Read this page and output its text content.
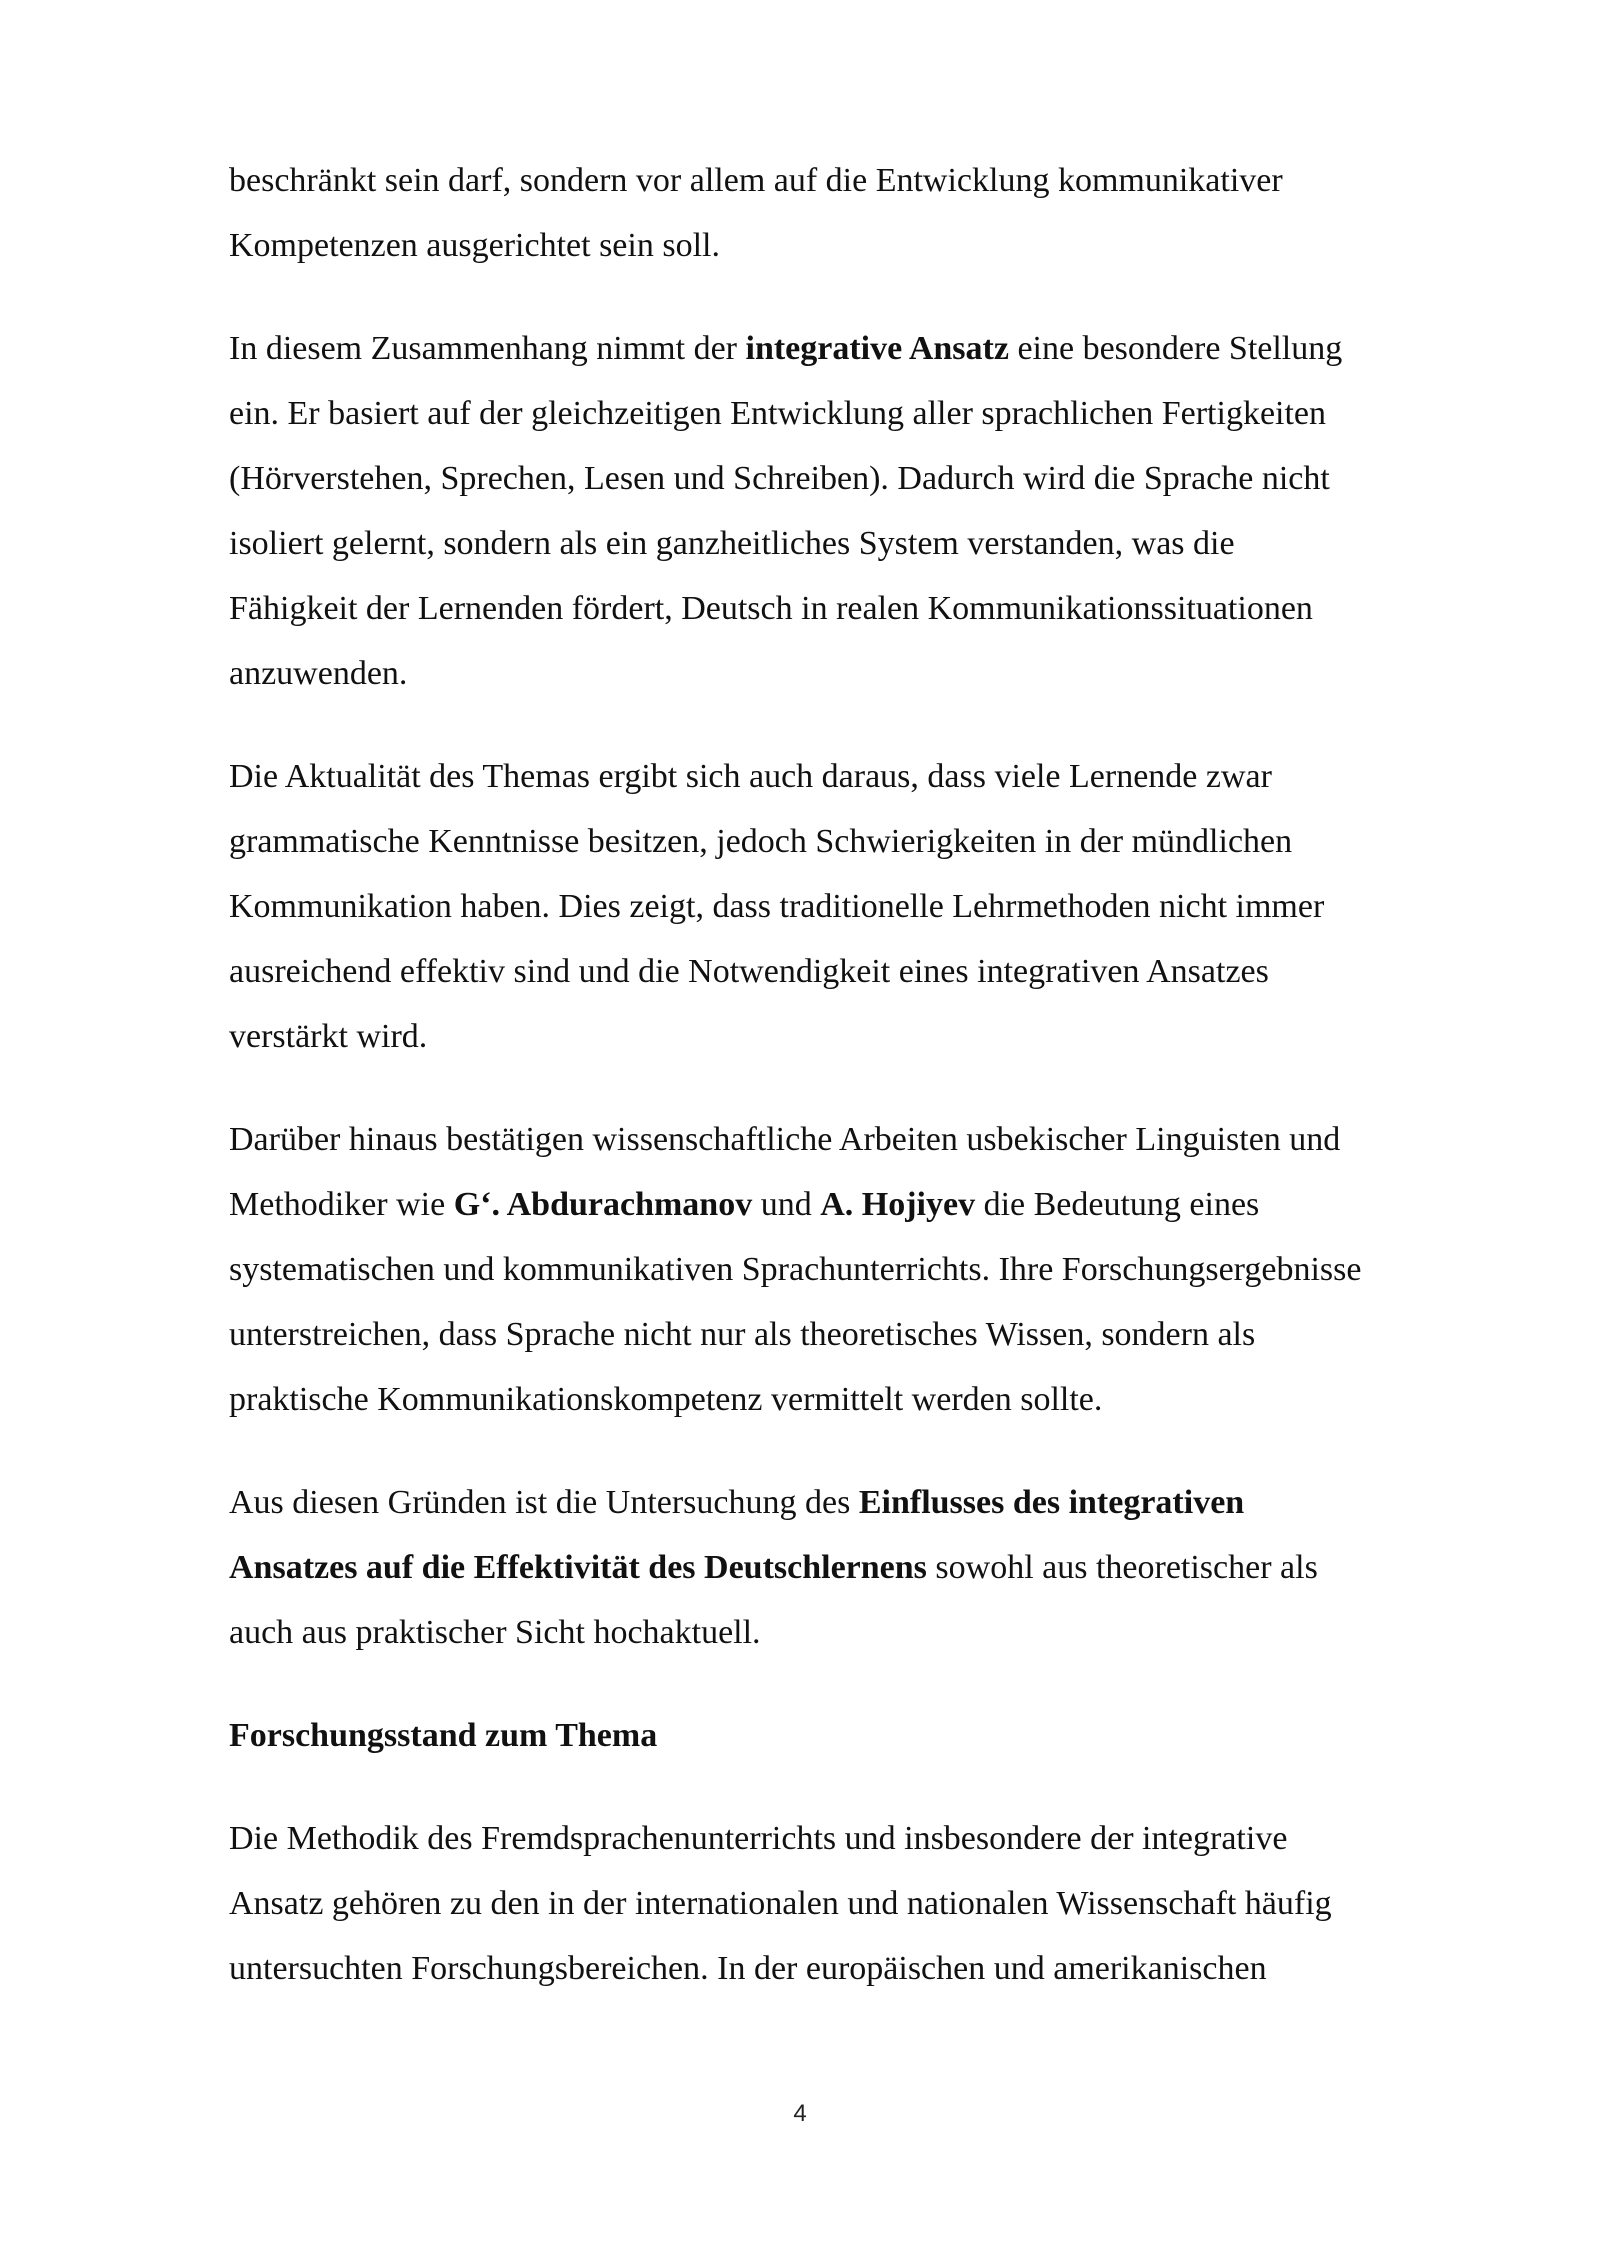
beschränkt sein darf, sondern vor allem auf die Entwicklung kommunikativer
Kompetenzen ausgerichtet sein soll.

In diesem Zusammenhang nimmt der integrative Ansatz eine besondere Stellung
ein. Er basiert auf der gleichzeitigen Entwicklung aller sprachlichen Fertigkeiten
(Hörverstehen, Sprechen, Lesen und Schreiben). Dadurch wird die Sprache nicht
isoliert gelernt, sondern als ein ganzheitliches System verstanden, was die
Fähigkeit der Lernenden fördert, Deutsch in realen Kommunikationssituationen
anzuwenden.

Die Aktualität des Themas ergibt sich auch daraus, dass viele Lernende zwar
grammatische Kenntnisse besitzen, jedoch Schwierigkeiten in der mündlichen
Kommunikation haben. Dies zeigt, dass traditionelle Lehrmethoden nicht immer
ausreichend effektiv sind und die Notwendigkeit eines integrativen Ansatzes
verstärkt wird.

Darüber hinaus bestätigen wissenschaftliche Arbeiten usbekischer Linguisten und
Methodiker wie G‘. Abdurachmanov und A. Hojiyev die Bedeutung eines
systematischen und kommunikativen Sprachunterrichts. Ihre Forschungsergebnisse
unterstreichen, dass Sprache nicht nur als theoretisches Wissen, sondern als
praktische Kommunikationskompetenz vermittelt werden sollte.

Aus diesen Gründen ist die Untersuchung des Einflusses des integrativen
Ansatzes auf die Effektivität des Deutschlernens sowohl aus theoretischer als
auch aus praktischer Sicht hochaktuell.

Forschungsstand zum Thema

Die Methodik des Fremdsprachenunterrichts und insbesondere der integrative
Ansatz gehören zu den in der internationalen und nationalen Wissenschaft häufig
untersuchten Forschungsbereichen. In der europäischen und amerikanischen

4
